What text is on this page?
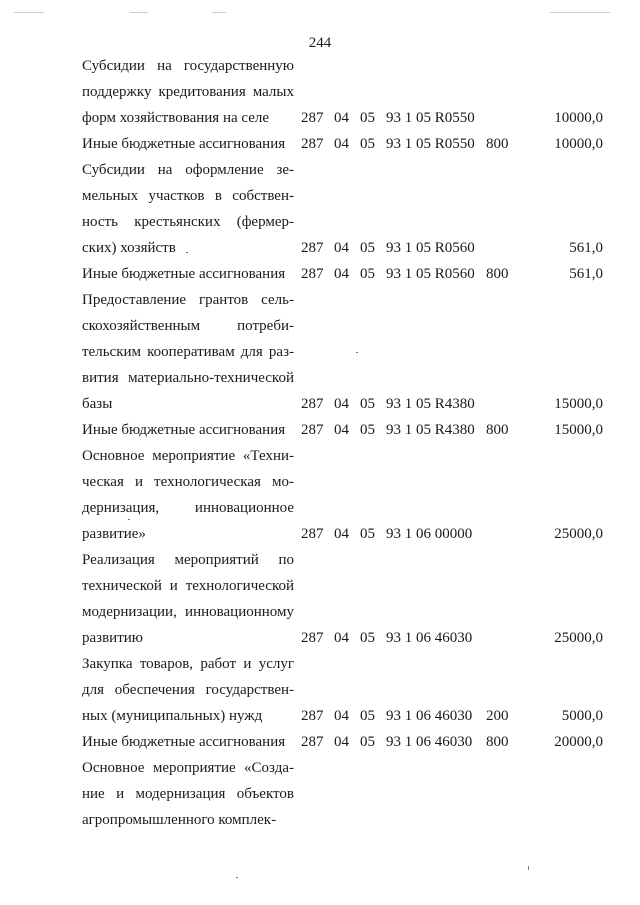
244
Субсидии на государственную
поддержку кредитования малых
форм хозяйствования на селе	287 04 05 93 1 05 R0550	10000,0
Иные бюджетные ассигнования	287 04 05 93 1 05 R0550 800	10000,0
Субсидии на оформление зе-
мельных участков в собствен-
ность крестьянских (фермер-
ских) хозяйств	287 04 05 93 1 05 R0560	561,0
Иные бюджетные ассигнования	287 04 05 93 1 05 R0560 800	561,0
Предоставление грантов сель-
скохозяйственным потреби-
тельским кооперативам для раз-
вития материально-технической
базы	287 04 05 93 1 05 R4380	15000,0
Иные бюджетные ассигнования	287 04 05 93 1 05 R4380 800	15000,0
Основное мероприятие «Техни-
ческая и технологическая мо-
дернизация, инновационное
развитие»	287 04 05 93 1 06 00000	25000,0
Реализация мероприятий по
технической и технологической
модернизации, инновационному
развитию	287 04 05 93 1 06 46030	25000,0
Закупка товаров, работ и услуг
для обеспечения государствен-
ных (муниципальных) нужд	287 04 05 93 1 06 46030 200	5000,0
Иные бюджетные ассигнования	287 04 05 93 1 06 46030 800	20000,0
Основное мероприятие «Созда-
ние и модернизация объектов
агропромышленного комплек-
